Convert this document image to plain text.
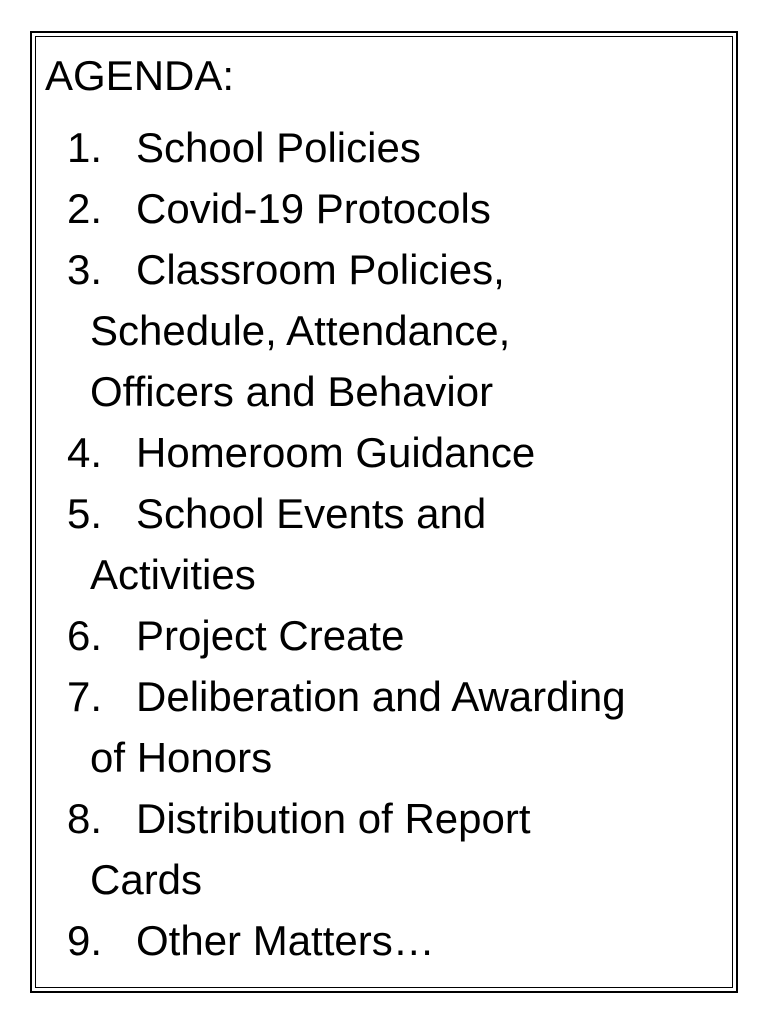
AGENDA:
1. School Policies
2. Covid-19 Protocols
3. Classroom Policies,
Schedule, Attendance,
Officers and Behavior
4. Homeroom Guidance
5. School Events and
Activities
6. Project Create
7. Deliberation and Awarding
of Honors
8. Distribution of Report
Cards
9. Other Matters…
